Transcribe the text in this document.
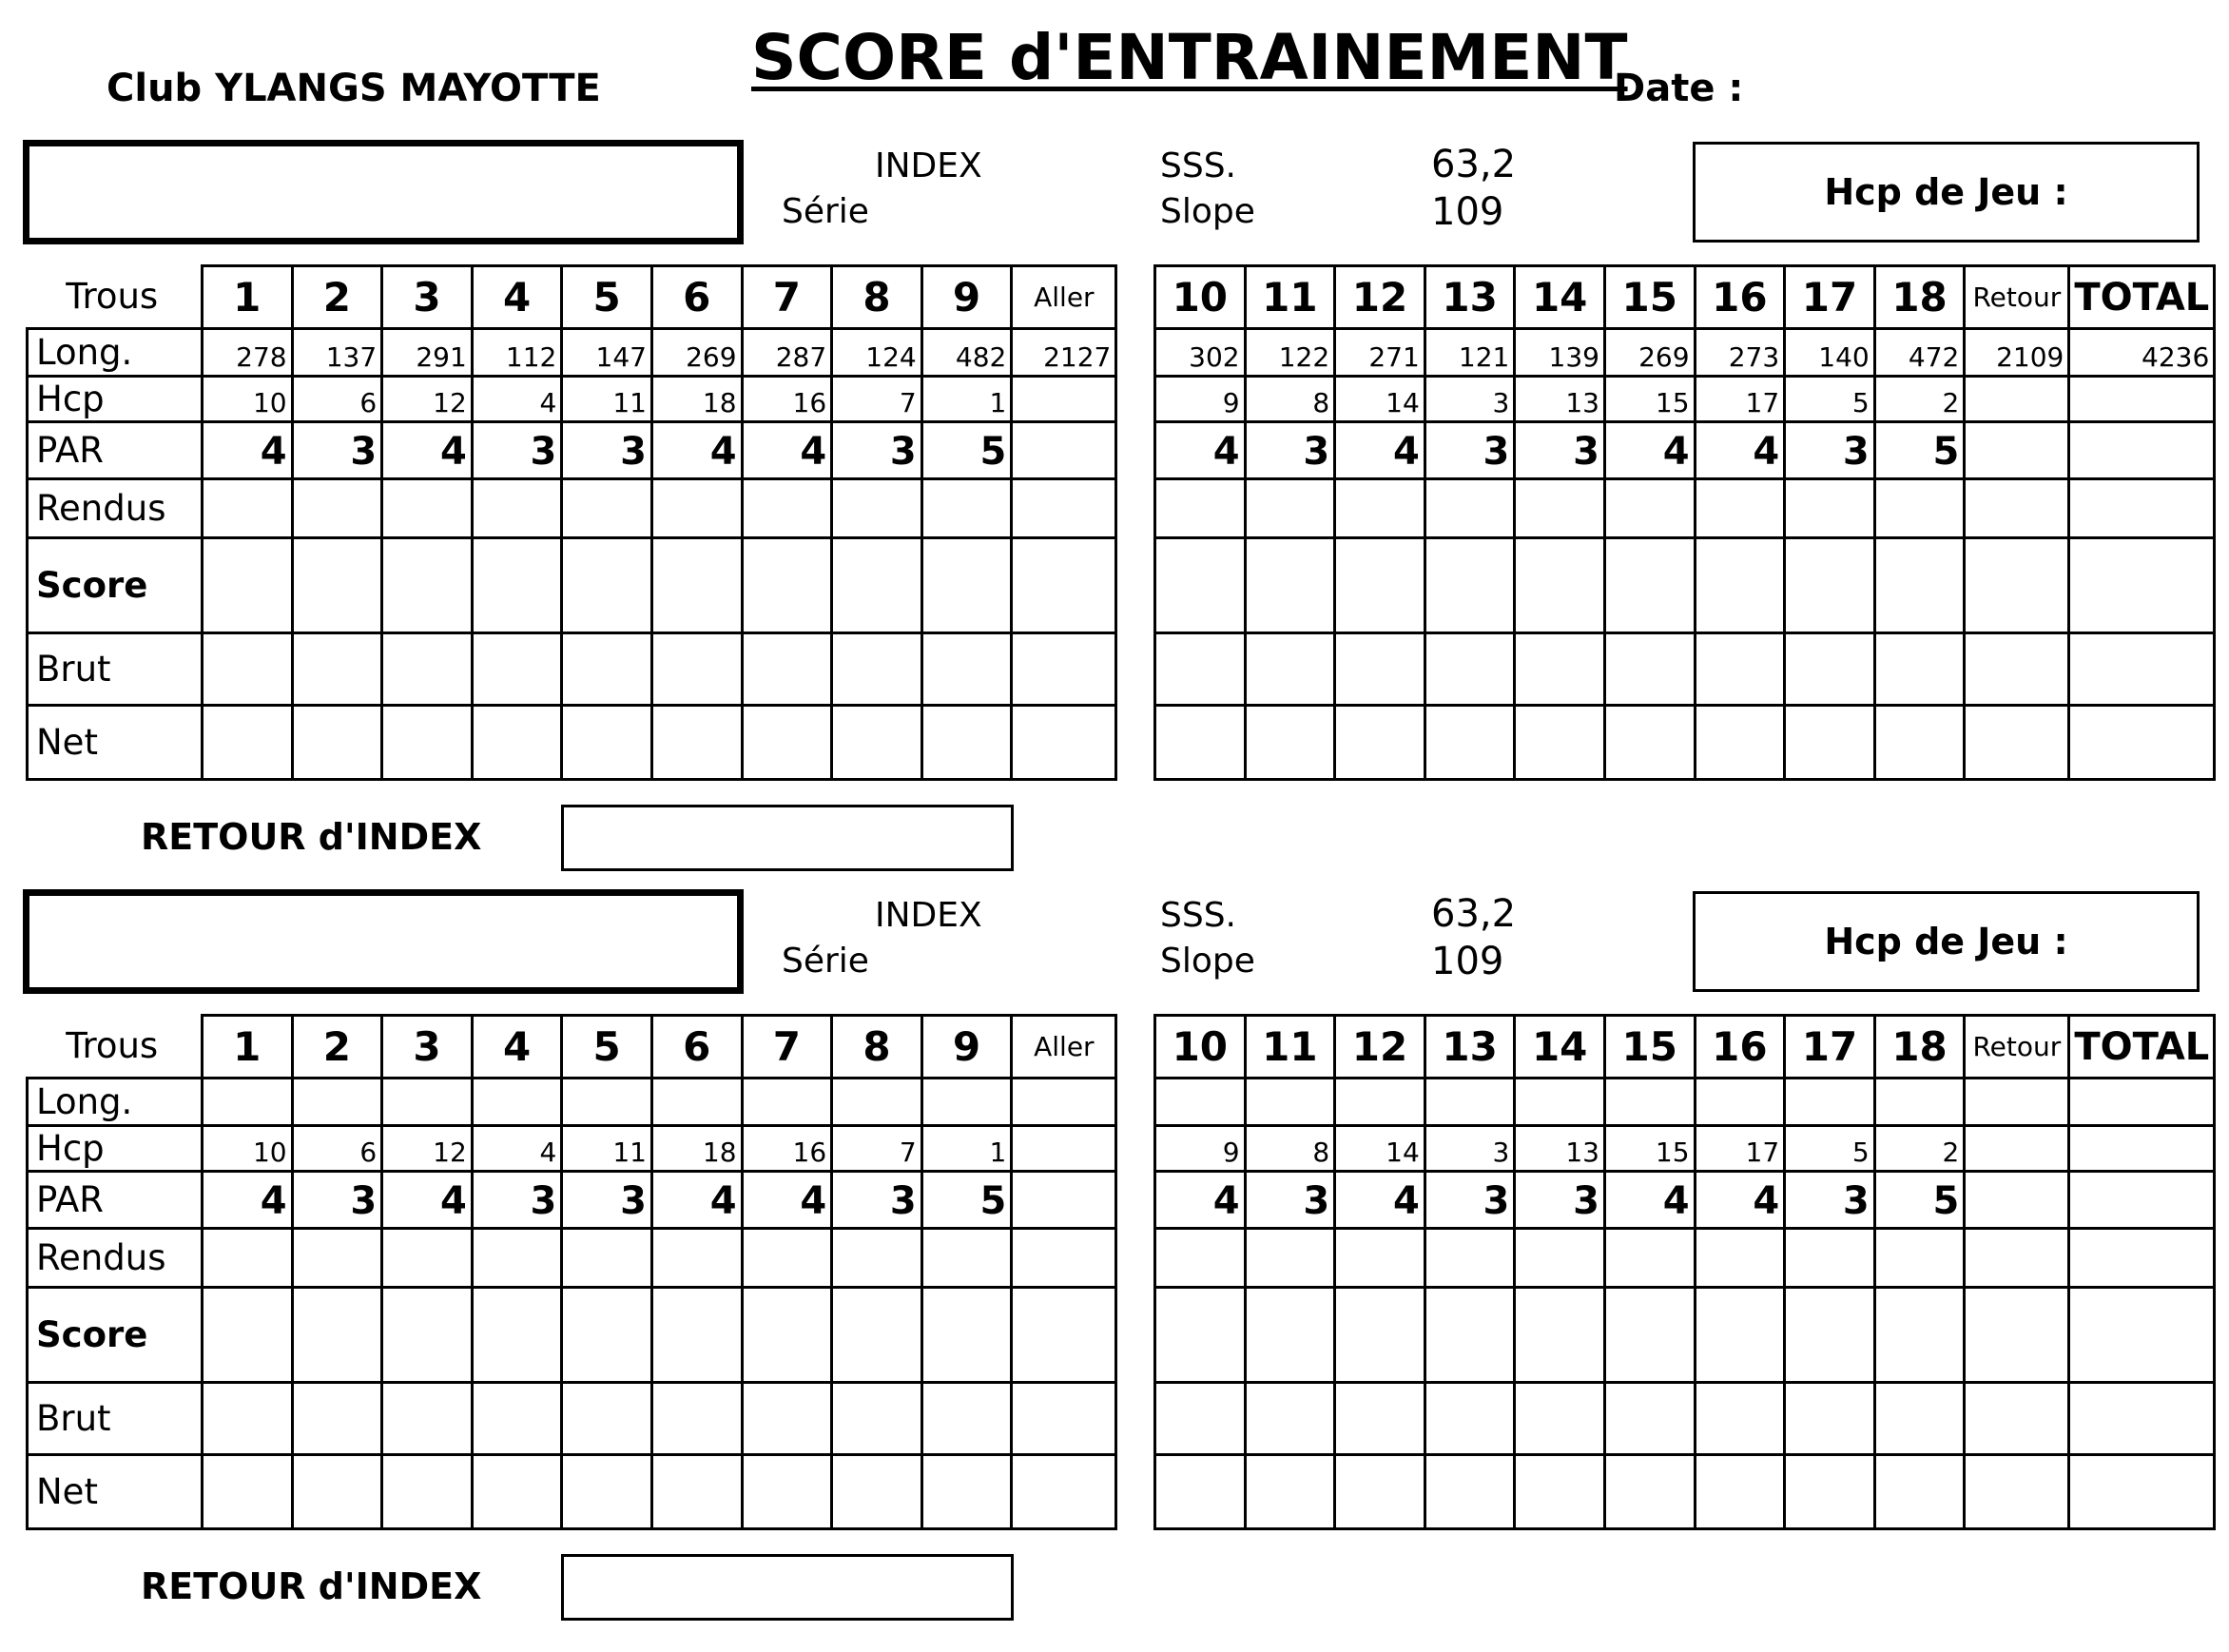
Club YLANGS MAYOTTE SCORE d'ENTRAINEMENT
Date :
INDEX
Série
SSS.
Slope
63,2
109	Hcp de Jeu :
Trous	1	2	3	4	5	6	7	8	9	Aller
Long.	278	137	291	112	147	269	287	124	482	2127
Hcp	10	6	12	4	11	18	16	7	1	
PAR	4	3	4	3	3	4	4	3	5	
Rendus										
Score										
Brut										
Net										
10	11	12	13	14	15	16	17	18	Retour	TOTAL
302	122	271	121	139	269	273	140	472	2109	4236
9	8	14	3	13	15	17	5	2		
4	3	4	3	3	4	4	3	5		

RETOUR d'INDEX
INDEX
Série
SSS.
Slope
63,2
109	Hcp de Jeu :
Trous	1	2	3	4	5	6	7	8	9	Aller
Long.										
Hcp	10	6	12	4	11	18	16	7	1	
PAR	4	3	4	3	3	4	4	3	5	
Rendus										
Score										
Brut										
Net										
10	11	12	13	14	15	16	17	18	Retour	TOTAL

9	8	14	3	13	15	17	5	2		
4	3	4	3	3	4	4	3	5		

RETOUR d'INDEX
